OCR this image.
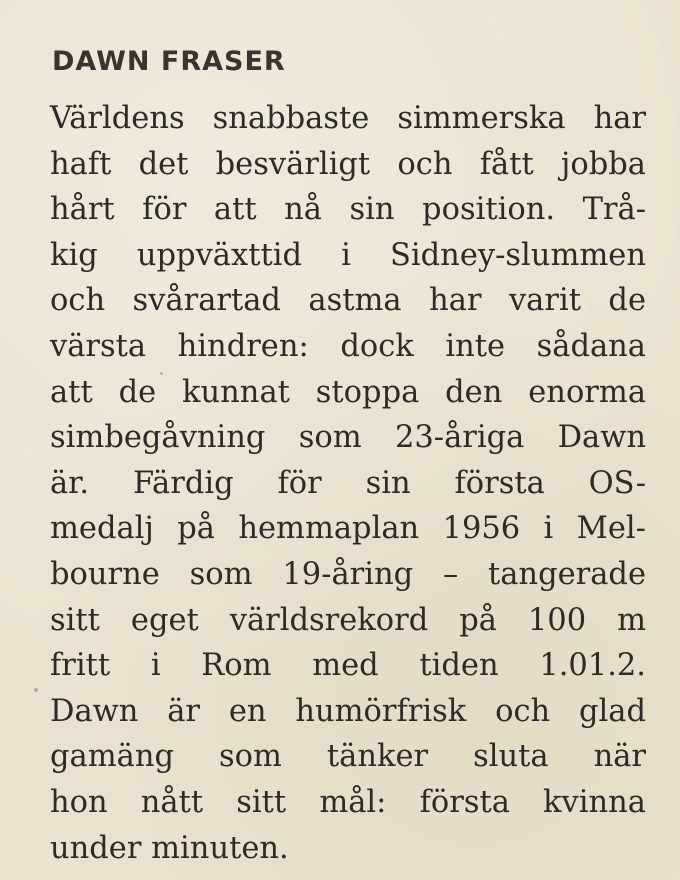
DAWN FRASER
Världens snabbaste simmerska har
haft det besvärligt och fått jobba
hårt för att nå sin position. Trå-
kig uppväxttid i Sidney-slummen
och svårartad astma har varit de
värsta hindren: dock inte sådana
att de kunnat stoppa den enorma
simbegåvning som 23-åriga Dawn
är. Färdig för sin första OS-
medalj på hemmaplan 1956 i Mel-
bourne som 19-åring – tangerade
sitt eget världsrekord på 100 m
fritt i Rom med tiden 1.01.2.
Dawn är en humörfrisk och glad
gamäng som tänker sluta när
hon nått sitt mål: första kvinna
under minuten.
